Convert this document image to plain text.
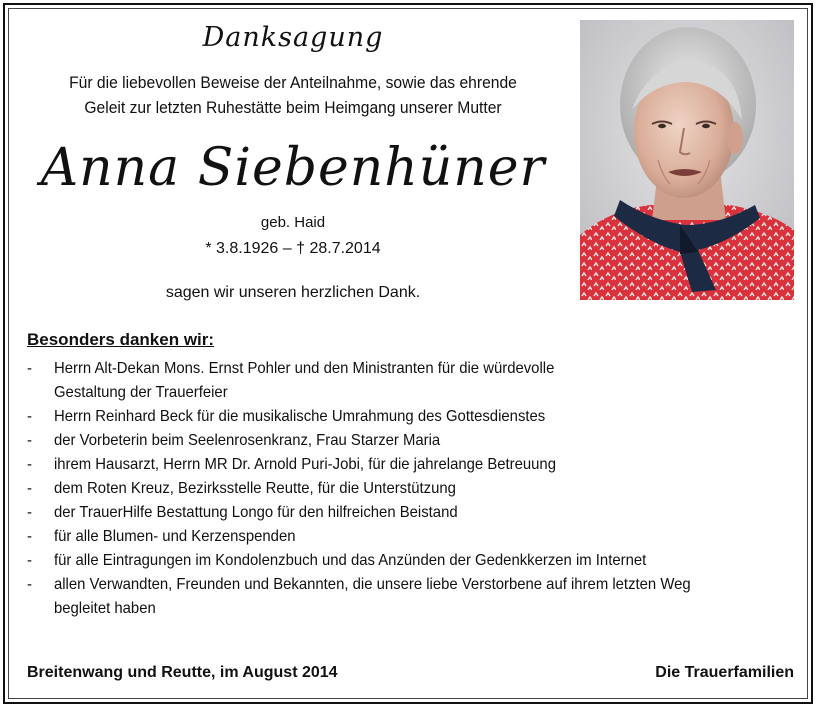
Danksagung
Für die liebevollen Beweise der Anteilnahme, sowie das ehrende
Geleit zur letzten Ruhestätte beim Heimgang unserer Mutter
Anna Siebenhüner
geb. Haid
* 3.8.1926 – † 28.7.2014
sagen wir unseren herzlichen Dank.
Besonders danken wir:
- Herrn Alt-Dekan Mons. Ernst Pohler und den Ministranten für die würdevolle
Gestaltung der Trauerfeier
- Herrn Reinhard Beck für die musikalische Umrahmung des Gottesdienstes
- der Vorbeterin beim Seelenrosenkranz, Frau Starzer Maria
- ihrem Hausarzt, Herrn MR Dr. Arnold Puri-Jobi, für die jahrelange Betreuung
- dem Roten Kreuz, Bezirksstelle Reutte, für die Unterstützung
- der TrauerHilfe Bestattung Longo für den hilfreichen Beistand
- für alle Blumen- und Kerzenspenden
- für alle Eintragungen im Kondolenzbuch und das Anzünden der Gedenkkerzen im Internet
- allen Verwandten, Freunden und Bekannten, die unsere liebe Verstorbene auf ihrem letzten Weg
begleitet haben
Breitenwang und Reutte, im August 2014	Die Trauerfamilien
